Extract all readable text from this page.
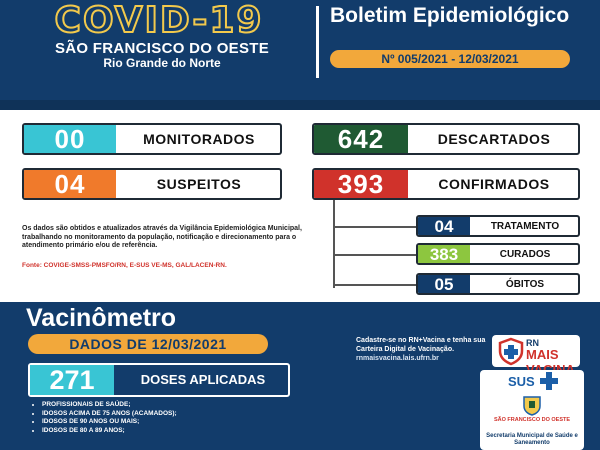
COVID-19
SÃO FRANCISCO DO OESTE
Rio Grande do Norte
Boletim Epidemiológico
Nº 005/2021 - 12/03/2021
00	MONITORADOS
04	SUSPEITOS
642	DESCARTADOS
393	CONFIRMADOS
04	TRATAMENTO
383	CURADOS
05	ÓBITOS
Os dados são obtidos e atualizados através da Vigilância Epidemiológica Municipal, trabalhando no monitoramento da população, notificação e direcionamento para o atendimento primário e/ou de referência.
Fonte: COVIGE-SMSS-PMSFO/RN, E-SUS VE-MS, GAL/LACEN-RN.
Vacinômetro
DADOS DE 12/03/2021
271	DOSES APLICADAS
• PROFISSIONAIS DE SAÚDE;
• IDOSOS ACIMA DE 75 ANOS (ACAMADOS);
• IDOSOS DE 90 ANOS OU MAIS;
• IDOSOS DE 80 A 89 ANOS;
Cadastre-se no RN+Vacina e tenha sua Carteira Digital de Vacinação.
rnmaisvacina.lais.ufrn.br
RN
MAIS
SUS
SÃO FRANCISCO DO OESTE
Secretaria Municipal de Saúde e Saneamento
